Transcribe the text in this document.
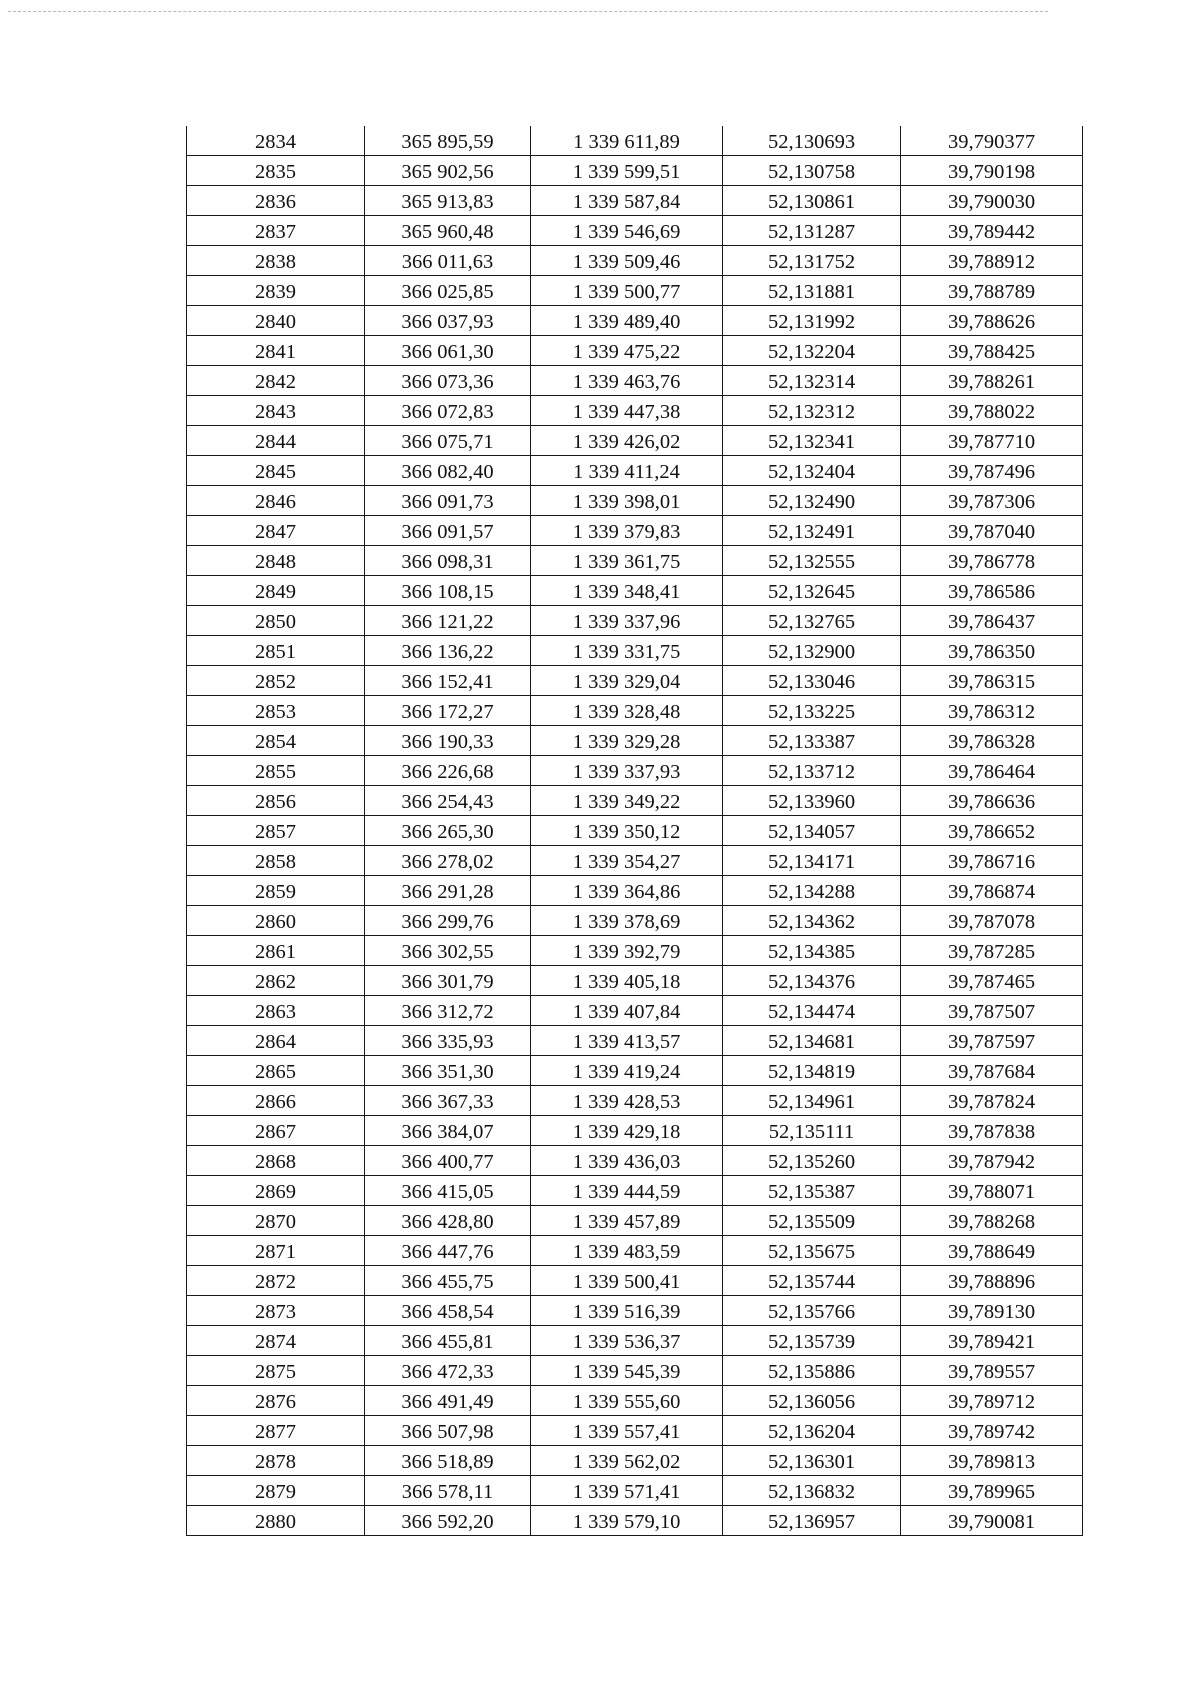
2834	365 895,59	1 339 611,89	52,130693	39,790377
2835	365 902,56	1 339 599,51	52,130758	39,790198
2836	365 913,83	1 339 587,84	52,130861	39,790030
2837	365 960,48	1 339 546,69	52,131287	39,789442
2838	366 011,63	1 339 509,46	52,131752	39,788912
2839	366 025,85	1 339 500,77	52,131881	39,788789
2840	366 037,93	1 339 489,40	52,131992	39,788626
2841	366 061,30	1 339 475,22	52,132204	39,788425
2842	366 073,36	1 339 463,76	52,132314	39,788261
2843	366 072,83	1 339 447,38	52,132312	39,788022
2844	366 075,71	1 339 426,02	52,132341	39,787710
2845	366 082,40	1 339 411,24	52,132404	39,787496
2846	366 091,73	1 339 398,01	52,132490	39,787306
2847	366 091,57	1 339 379,83	52,132491	39,787040
2848	366 098,31	1 339 361,75	52,132555	39,786778
2849	366 108,15	1 339 348,41	52,132645	39,786586
2850	366 121,22	1 339 337,96	52,132765	39,786437
2851	366 136,22	1 339 331,75	52,132900	39,786350
2852	366 152,41	1 339 329,04	52,133046	39,786315
2853	366 172,27	1 339 328,48	52,133225	39,786312
2854	366 190,33	1 339 329,28	52,133387	39,786328
2855	366 226,68	1 339 337,93	52,133712	39,786464
2856	366 254,43	1 339 349,22	52,133960	39,786636
2857	366 265,30	1 339 350,12	52,134057	39,786652
2858	366 278,02	1 339 354,27	52,134171	39,786716
2859	366 291,28	1 339 364,86	52,134288	39,786874
2860	366 299,76	1 339 378,69	52,134362	39,787078
2861	366 302,55	1 339 392,79	52,134385	39,787285
2862	366 301,79	1 339 405,18	52,134376	39,787465
2863	366 312,72	1 339 407,84	52,134474	39,787507
2864	366 335,93	1 339 413,57	52,134681	39,787597
2865	366 351,30	1 339 419,24	52,134819	39,787684
2866	366 367,33	1 339 428,53	52,134961	39,787824
2867	366 384,07	1 339 429,18	52,135111	39,787838
2868	366 400,77	1 339 436,03	52,135260	39,787942
2869	366 415,05	1 339 444,59	52,135387	39,788071
2870	366 428,80	1 339 457,89	52,135509	39,788268
2871	366 447,76	1 339 483,59	52,135675	39,788649
2872	366 455,75	1 339 500,41	52,135744	39,788896
2873	366 458,54	1 339 516,39	52,135766	39,789130
2874	366 455,81	1 339 536,37	52,135739	39,789421
2875	366 472,33	1 339 545,39	52,135886	39,789557
2876	366 491,49	1 339 555,60	52,136056	39,789712
2877	366 507,98	1 339 557,41	52,136204	39,789742
2878	366 518,89	1 339 562,02	52,136301	39,789813
2879	366 578,11	1 339 571,41	52,136832	39,789965
2880	366 592,20	1 339 579,10	52,136957	39,790081
